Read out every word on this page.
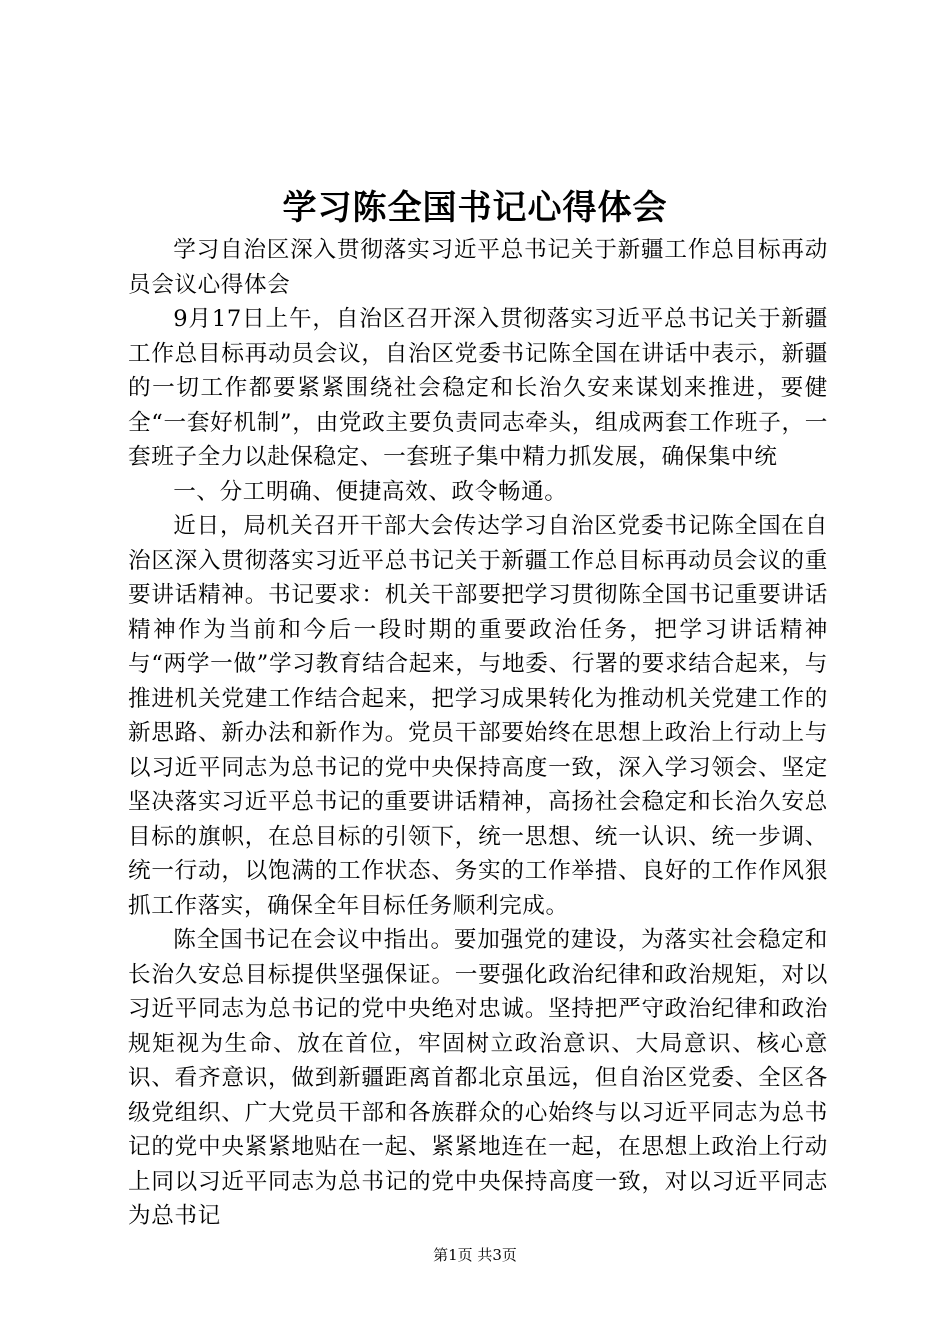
学习陈全国书记心得体会

学习自治区深入贯彻落实习近平总书记关于新疆工作总目标再动员会议心得体会

9月17日上午，自治区召开深入贯彻落实习近平总书记关于新疆工作总目标再动员会议，自治区党委书记陈全国在讲话中表示，新疆的一切工作都要紧紧围绕社会稳定和长治久安来谋划来推进，要健全“一套好机制”，由党政主要负责同志牵头，组成两套工作班子，一套班子全力以赴保稳定、一套班子集中精力抓发展，确保集中统

一、分工明确、便捷高效、政令畅通。

近日，局机关召开干部大会传达学习自治区党委书记陈全国在自治区深入贯彻落实习近平总书记关于新疆工作总目标再动员会议的重要讲话精神。书记要求：机关干部要把学习贯彻陈全国书记重要讲话精神作为当前和今后一段时期的重要政治任务，把学习讲话精神与“两学一做”学习教育结合起来，与地委、行署的要求结合起来，与推进机关党建工作结合起来，把学习成果转化为推动机关党建工作的新思路、新办法和新作为。党员干部要始终在思想上政治上行动上与以习近平同志为总书记的党中央保持高度一致，深入学习领会、坚定坚决落实习近平总书记的重要讲话精神，高扬社会稳定和长治久安总目标的旗帜，在总目标的引领下，统一思想、统一认识、统一步调、统一行动，以饱满的工作状态、务实的工作举措、良好的工作作风狠抓工作落实，确保全年目标任务顺利完成。

陈全国书记在会议中指出。要加强党的建设，为落实社会稳定和长治久安总目标提供坚强保证。一要强化政治纪律和政治规矩，对以习近平同志为总书记的党中央绝对忠诚。坚持把严守政治纪律和政治规矩视为生命、放在首位，牢固树立政治意识、大局意识、核心意识、看齐意识，做到新疆距离首都北京虽远，但自治区党委、全区各级党组织、广大党员干部和各族群众的心始终与以习近平同志为总书记的党中央紧紧地贴在一起、紧紧地连在一起，在思想上政治上行动上同以习近平同志为总书记的党中央保持高度一致，对以习近平同志为总书记

第1页 共3页
